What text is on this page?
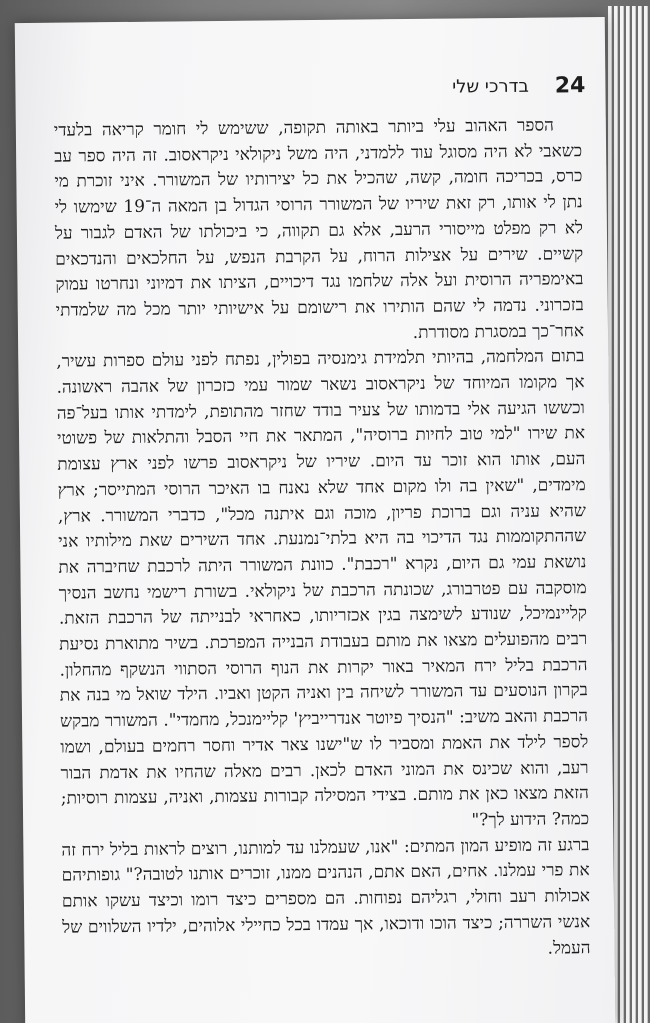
בדרכי שלי 24

הספר האהוב עלי ביותר באותה תקופה, ששימש לי חומר קריאה בלעדי כשאבי לא היה מסוגל עוד ללמדני, היה משל ניקולאי ניקראסוב. זה היה ספר עב כרס, בכריכה חומה, קשה, שהכיל את כל יצירותיו של המשורר. איני זוכרת מי נתן לי אותו, רק זאת שיריו של המשורר הרוסי הגדול בן המאה ה־19 שימשו לי לא רק מפלט מייסורי הרעב, אלא גם תקווה, כי ביכולתו של האדם לגבור על קשיים. שירים על אצילות הרוח, על הקרבת הנפש, על החלכאים והנדכאים באימפריה הרוסית ועל אלה שלחמו נגד דיכויים, הציתו את דמיוני ונחרטו עמוק בזכרוני. נדמה לי שהם הותירו את רישומם על אישיותי יותר מכל מה שלמדתי אחר־כך במסגרת מסודרת.

בתום המלחמה, בהיותי תלמידת גימנסיה בפולין, נפתח לפני עולם ספרות עשיר, אך מקומו המיוחד של ניקראסוב נשאר שמור עמי כזכרון של אהבה ראשונה. וכששו הגיעה אלי בדמותו של צעיר בודד שחזר מהתופת, לימדתי אותו בעל־פה את שירו "למי טוב לחיות ברוסיה", המתאר את חיי הסבל והתלאות של פשוטי העם, אותו הוא זוכר עד היום. שיריו של ניקראסוב פרשו לפני ארץ עצומת מימדים, "שאין בה ולו מקום אחד שלא נאנח בו האיכר הרוסי המתייסר; ארץ שהיא עניה וגם ברוכת פריון, מוכה וגם איתנה מכל", כדברי המשורר. ארץ, שההתקוממות נגד הדיכוי בה היא בלתי־נמנעת. אחד השירים שאת מילותיו אני נושאת עמי גם היום, נקרא "רכבת". כוונת המשורר היתה לרכבת שחיברה את מוסקבה עם פטרבורג, שכונתה הרכבת של ניקולאי. בשורת רישמי נחשב הנסיך קליינמיכל, שנודע לשימצה בגין אכזריותו, כאחראי לבנייתה של הרכבת הזאת. רבים מהפועלים מצאו את מותם בעבודת הבנייה המפרכת. בשיר מתוארת נסיעת הרכבת בליל ירח המאיר באור יקרות את הנוף הרוסי הסתווי הנשקף מהחלון. בקרון הנוסעים עד המשורר לשיחה בין ואניה הקטן ואביו. הילד שואל מי בנה את הרכבת והאב משיב: "הנסיך פיוטר אנדרייביץ' קליימנכל, מחמדי". המשורר מבקש לספר לילד את האמת ומסביר לו ש"ישנו צאר אדיר וחסר רחמים בעולם, ושמו רעב, והוא שכינס את המוני האדם לכאן. רבים מאלה שהחיו את אדמת הבור הזאת מצאו כאן את מותם. בצידי המסילה קבורות עצמות, ואניה, עצמות רוסיות; כמה? הידוע לך?"

ברגע זה מופיע המון המתים: "אנו, שעמלנו עד למותנו, רוצים לראות בליל ירח זה את פרי עמלנו. אחים, האם אתם, הנהנים ממנו, זוכרים אותנו לטובה?" גופותיהם אכולות רעב וחולי, רגליהם נפוחות. הם מספרים כיצד רומו וכיצד עשקו אותם אנשי השררה; כיצד הוכו ודוכאו, אך עמדו בכל כחיילי אלוהים, ילדיו השלווים של העמל.
